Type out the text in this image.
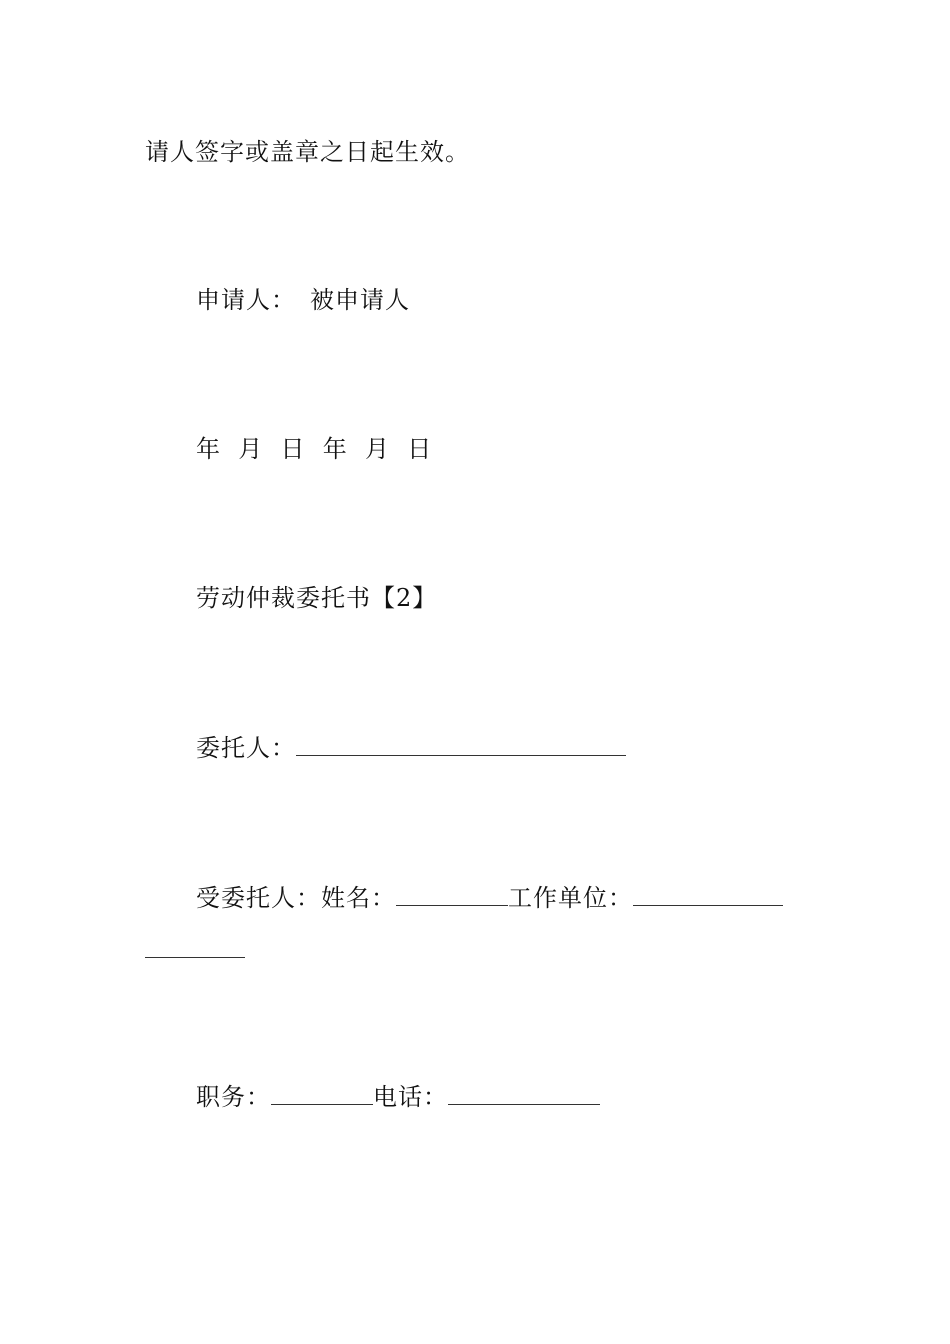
请人签字或盖章之日起生效。
申请人： 被申请人
年  月  日  年  月  日
劳动仲裁委托书【2】
委托人：
受委托人：姓名：	工作单位：
职务：	电话：
